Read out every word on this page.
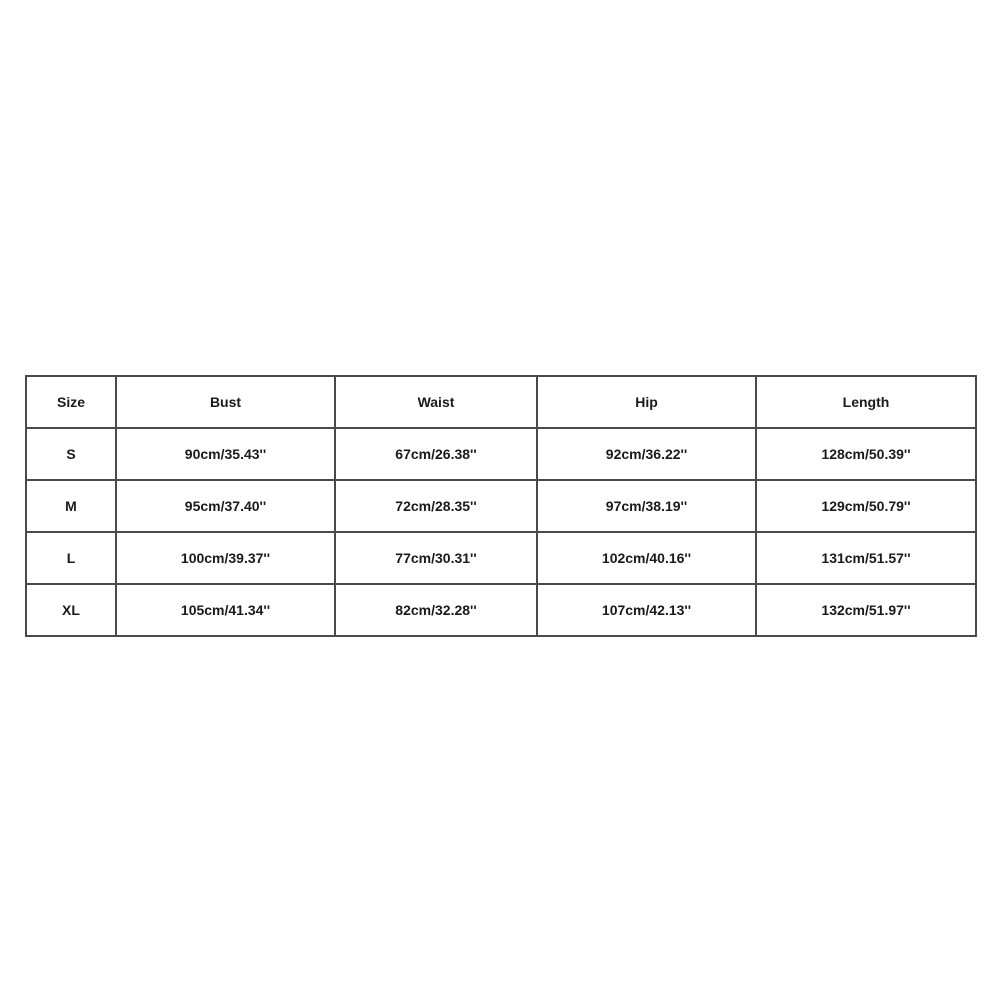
Size	Bust	Waist	Hip	Length
S	90cm/35.43''	67cm/26.38''	92cm/36.22''	128cm/50.39''
M	95cm/37.40''	72cm/28.35''	97cm/38.19''	129cm/50.79''
L	100cm/39.37''	77cm/30.31''	102cm/40.16''	131cm/51.57''
XL	105cm/41.34''	82cm/32.28''	107cm/42.13''	132cm/51.97''
